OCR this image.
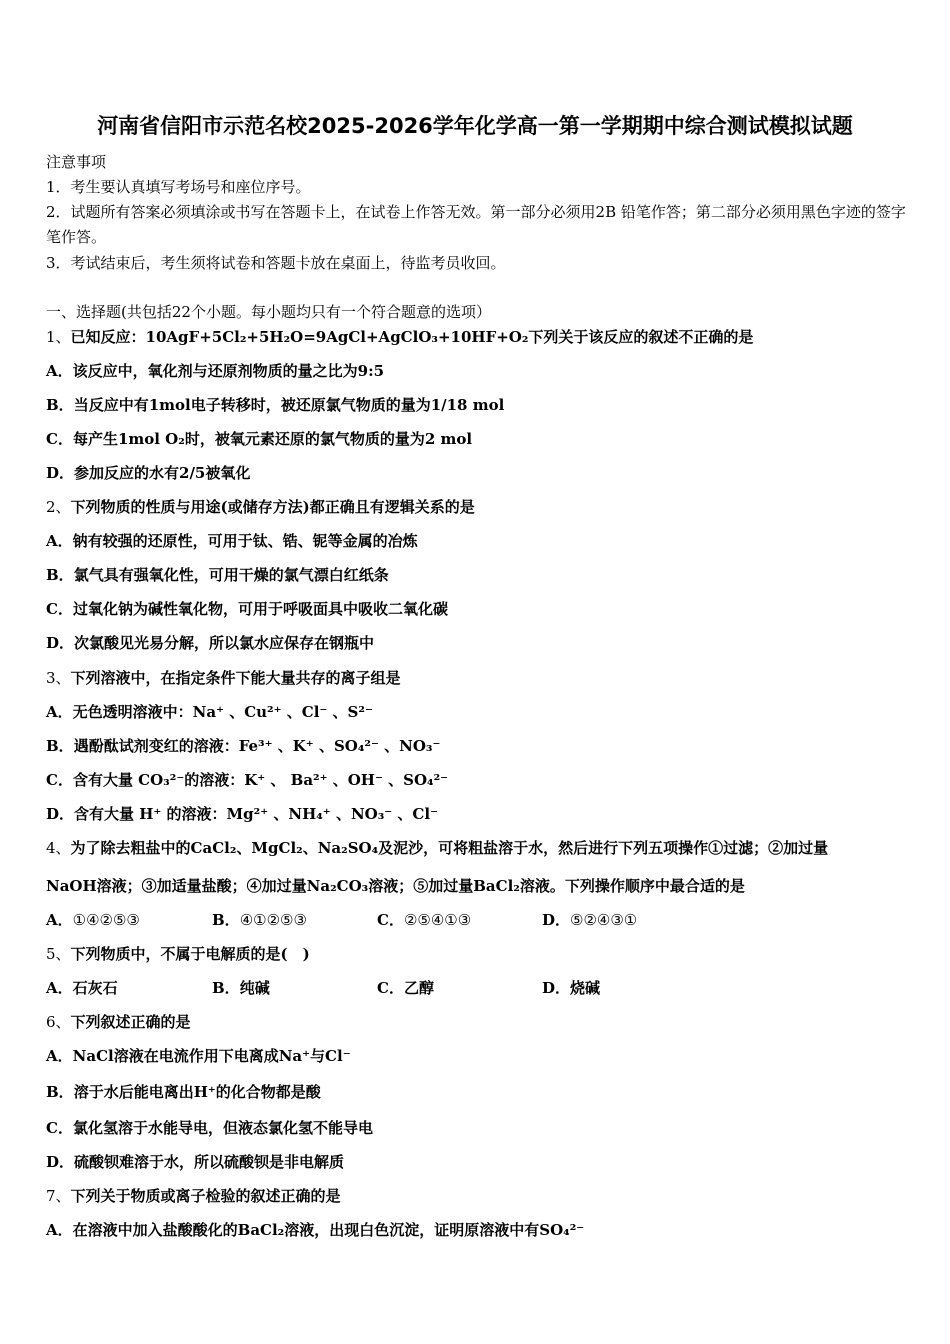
河南省信阳市示范名校2025-2026学年化学高一第一学期期中综合测试模拟试题
注意事项
1．考生要认真填写考场号和座位序号。
2．试题所有答案必须填涂或书写在答题卡上，在试卷上作答无效。第一部分必须用2B 铅笔作答；第二部分必须用黑色字迹的签字笔作答。
3．考试结束后，考生须将试卷和答题卡放在桌面上，待监考员收回。
一、选择题(共包括22个小题。每小题均只有一个符合题意的选项）
1、已知反应：10AgF+5Cl₂+5H₂O=9AgCl+AgClO₃+10HF+O₂下列关于该反应的叙述不正确的是
A．该反应中，氧化剂与还原剂物质的量之比为9:5
B．当反应中有1mol电子转移时，被还原氯气物质的量为1/18 mol
C．每产生1mol O₂时，被氧元素还原的氯气物质的量为2 mol
D．参加反应的水有2/5被氧化
2、下列物质的性质与用途(或储存方法)都正确且有逻辑关系的是
A．钠有较强的还原性，可用于钛、锆、铌等金属的冶炼
B．氯气具有强氧化性，可用干燥的氯气漂白红纸条
C．过氧化钠为碱性氧化物，可用于呼吸面具中吸收二氧化碳
D．次氯酸见光易分解，所以氯水应保存在钢瓶中
3、下列溶液中，在指定条件下能大量共存的离子组是
A．无色透明溶液中：Na⁺ 、Cu²⁺ 、Cl⁻ 、S²⁻
B．遇酚酞试剂变红的溶液：Fe³⁺ 、K⁺ 、SO₄²⁻ 、NO₃⁻
C．含有大量 CO₃²⁻的溶液：K⁺ 、 Ba²⁺ 、OH⁻ 、SO₄²⁻
D．含有大量 H⁺ 的溶液：Mg²⁺ 、NH₄⁺ 、NO₃⁻ 、Cl⁻
4、为了除去粗盐中的CaCl₂、MgCl₂、Na₂SO₄及泥沙，可将粗盐溶于水，然后进行下列五项操作①过滤；②加过量
NaOH溶液；③加适量盐酸；④加过量Na₂CO₃溶液；⑤加过量BaCl₂溶液。下列操作顺序中最合适的是
A．①④②⑤③	B．④①②⑤③	C．②⑤④①③	D．⑤②④③①
5、下列物质中，不属于电解质的是(　)
A．石灰石	B．纯碱	C．乙醇	D．烧碱
6、下列叙述正确的是
A．NaCl溶液在电流作用下电离成Na⁺与Cl⁻
B．溶于水后能电离出H⁺的化合物都是酸
C．氯化氢溶于水能导电，但液态氯化氢不能导电
D．硫酸钡难溶于水，所以硫酸钡是非电解质
7、下列关于物质或离子检验的叙述正确的是
A．在溶液中加入盐酸酸化的BaCl₂溶液，出现白色沉淀，证明原溶液中有SO₄²⁻
